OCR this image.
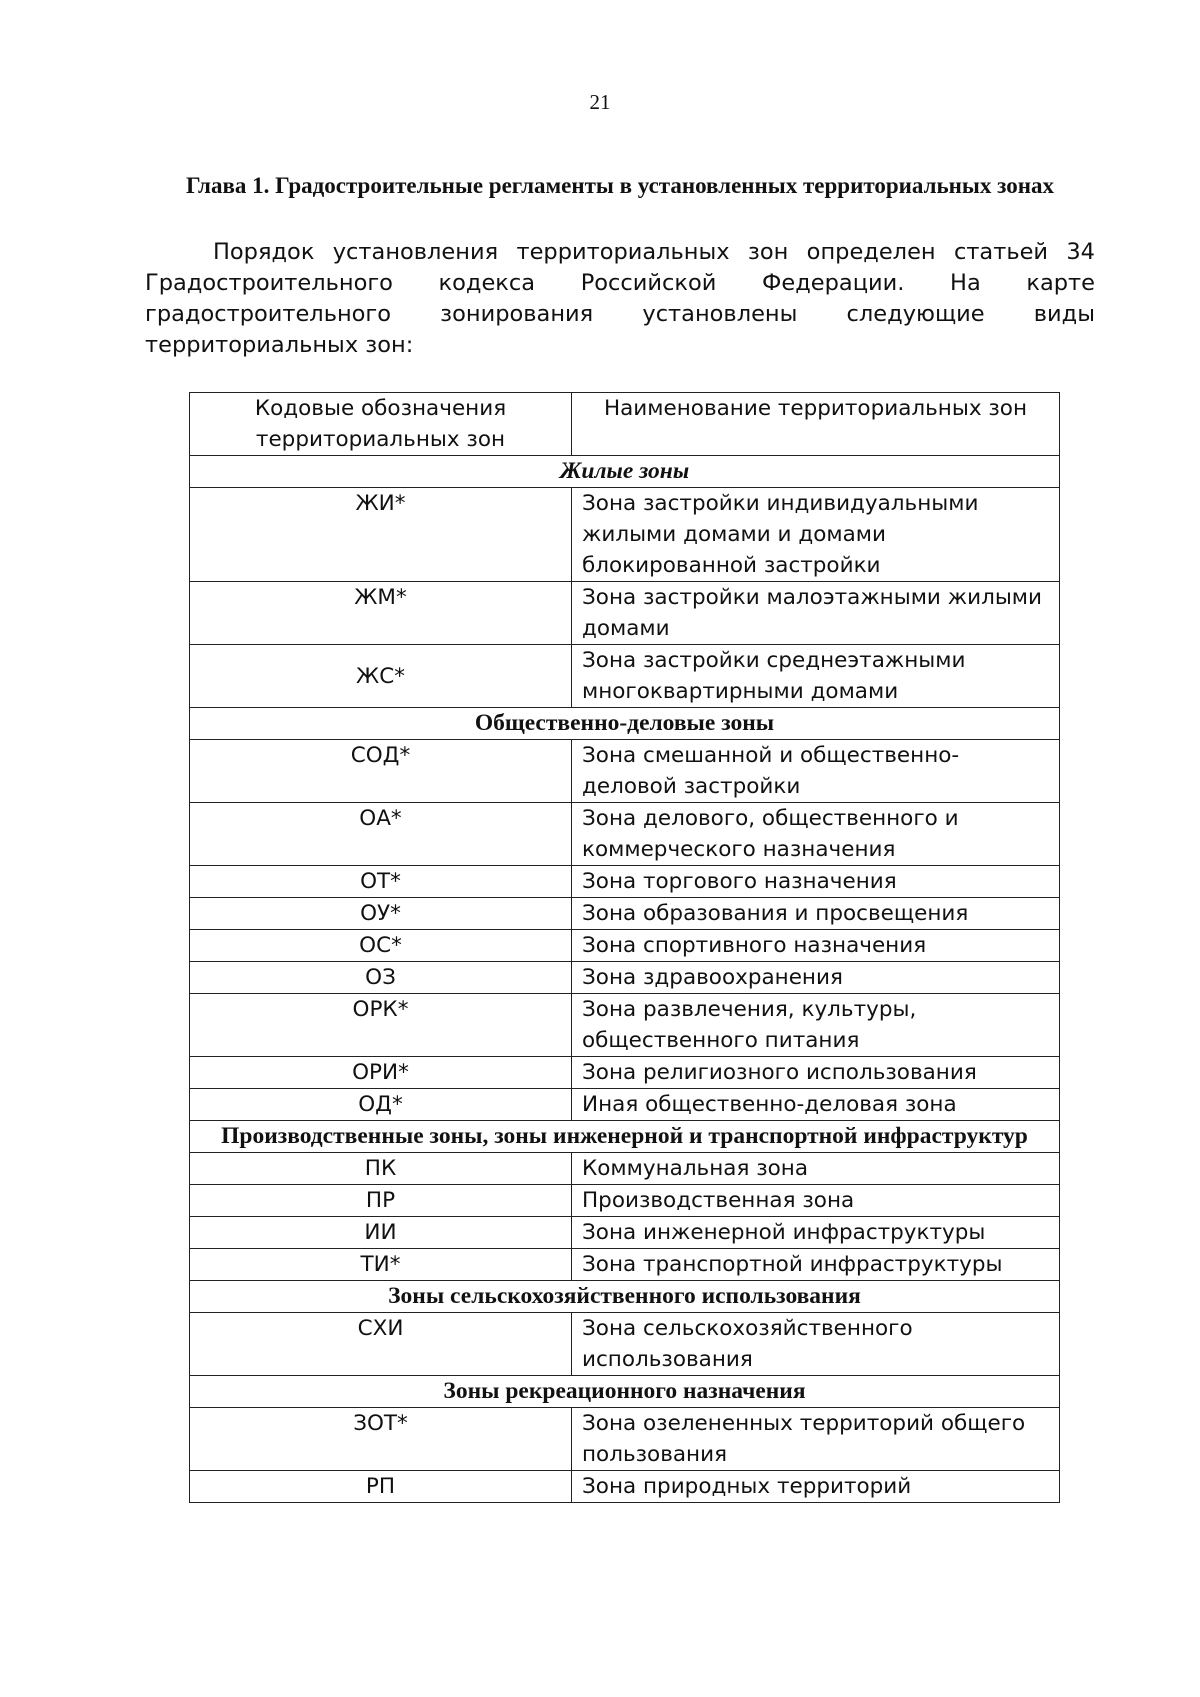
21
Глава 1. Градостроительные регламенты в установленных территориальных зонах

Порядок установления территориальных зон определен статьей 34 Градостроительного кодекса Российской Федерации. На карте градостроительного зонирования установлены следующие виды территориальных зон:

Кодовые обозначения территориальных зон	Наименование территориальных зон
Жилые зоны	
ЖИ*	Зона застройки индивидуальными жилыми домами и домами блокированной застройки
ЖМ*	Зона застройки малоэтажными жилыми домами
ЖС*	Зона застройки среднеэтажными многоквартирными домами
Общественно-деловые зоны	
СОД*	Зона смешанной и общественно-деловой застройки
ОА*	Зона делового, общественного и коммерческого назначения
ОТ*	Зона торгового назначения
ОУ*	Зона образования и просвещения
ОС*	Зона спортивного назначения
ОЗ	Зона здравоохранения
ОРК*	Зона развлечения, культуры, общественного питания
ОРИ*	Зона религиозного использования
ОД*	Иная общественно-деловая зона
Производственные зоны, зоны инженерной и транспортной инфраструктур	
ПК	Коммунальная зона
ПР	Производственная зона
ИИ	Зона инженерной инфраструктуры
ТИ*	Зона транспортной инфраструктуры
Зоны сельскохозяйственного использования	
СХИ	Зона сельскохозяйственного использования
Зоны рекреационного назначения	
ЗОТ*	Зона озелененных территорий общего пользования
РП	Зона природных территорий
